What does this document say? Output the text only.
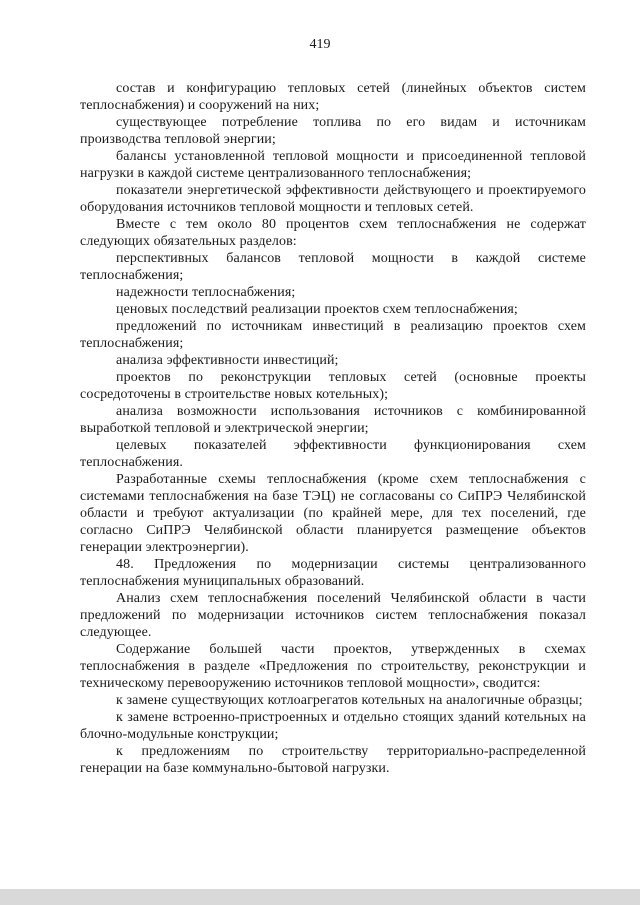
419

состав и конфигурацию тепловых сетей (линейных объектов систем теплоснабжения) и сооружений на них;

существующее потребление топлива по его видам и источникам производства тепловой энергии;

балансы установленной тепловой мощности и присоединенной тепловой нагрузки в каждой системе централизованного теплоснабжения;

показатели энергетической эффективности действующего и проектируемого оборудования источников тепловой мощности и тепловых сетей.

Вместе с тем около 80 процентов схем теплоснабжения не содержат следующих обязательных разделов:

перспективных балансов тепловой мощности в каждой системе теплоснабжения;

надежности теплоснабжения;

ценовых последствий реализации проектов схем теплоснабжения;

предложений по источникам инвестиций в реализацию проектов схем теплоснабжения;

анализа эффективности инвестиций;

проектов по реконструкции тепловых сетей (основные проекты сосредоточены в строительстве новых котельных);

анализа возможности использования источников с комбинированной выработкой тепловой и электрической энергии;

целевых показателей эффективности функционирования схем теплоснабжения.

Разработанные схемы теплоснабжения (кроме схем теплоснабжения с системами теплоснабжения на базе ТЭЦ) не согласованы со СиПРЭ Челябинской области и требуют актуализации (по крайней мере, для тех поселений, где согласно СиПРЭ Челябинской области планируется размещение объектов генерации электроэнергии).

48. Предложения по модернизации системы централизованного теплоснабжения муниципальных образований.

Анализ схем теплоснабжения поселений Челябинской области в части предложений по модернизации источников систем теплоснабжения показал следующее.

Содержание большей части проектов, утвержденных в схемах теплоснабжения в разделе «Предложения по строительству, реконструкции и техническому перевооружению источников тепловой мощности», сводится:

к замене существующих котлоагрегатов котельных на аналогичные образцы;

к замене встроенно-пристроенных и отдельно стоящих зданий котельных на блочно-модульные конструкции;

к предложениям по строительству территориально-распределенной генерации на базе коммунально-бытовой нагрузки.
